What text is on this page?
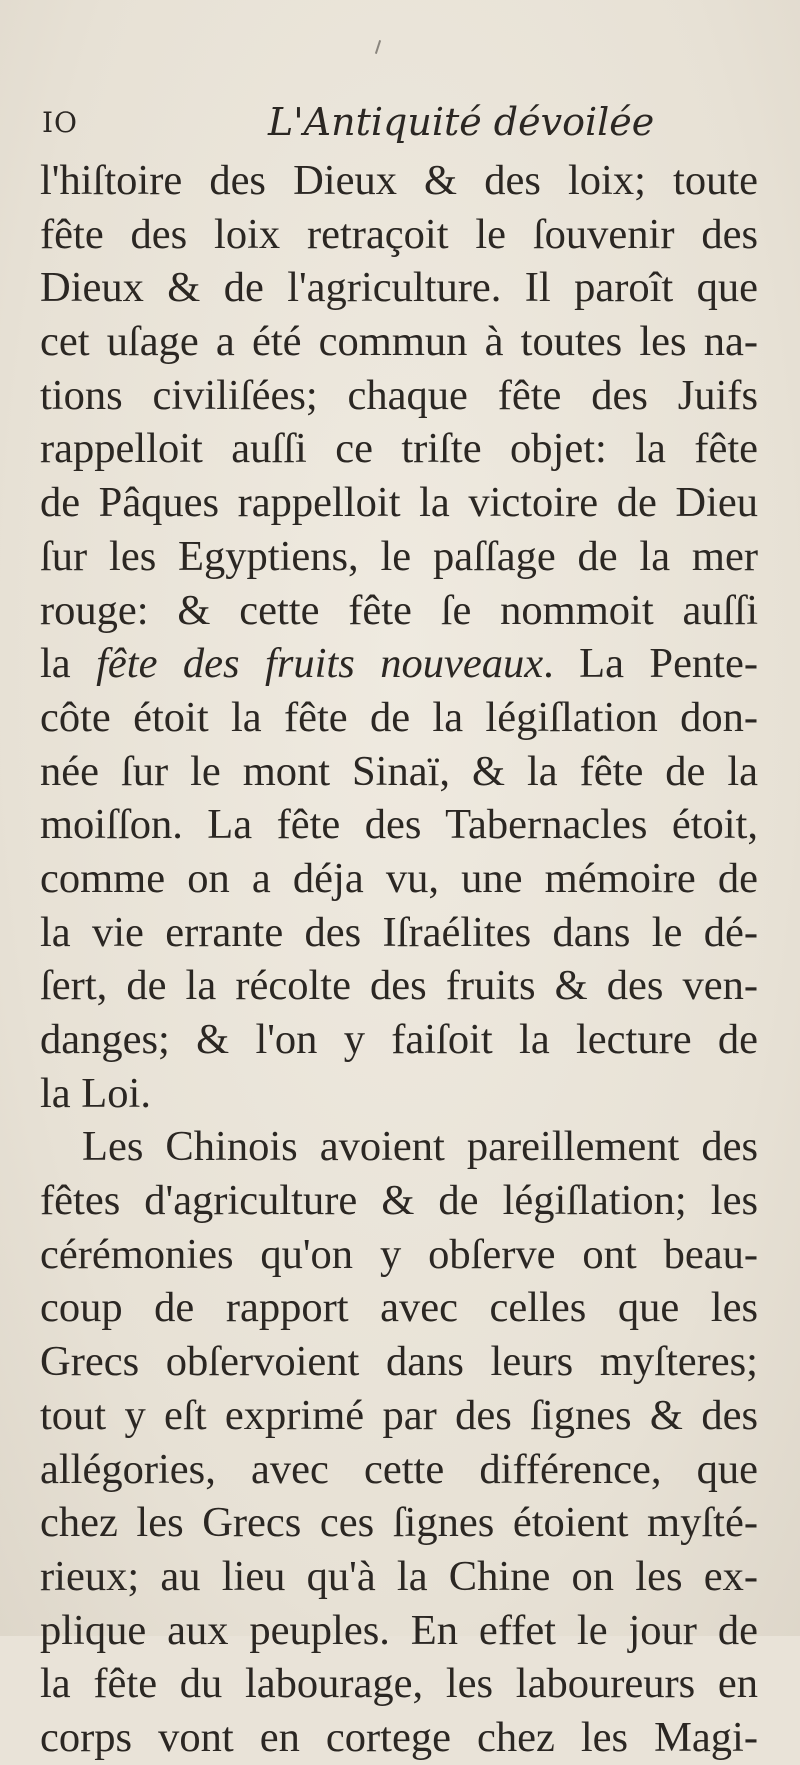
IO	L'Antiquité dévoilée
l'hiſtoire des Dieux & des loix; toute
fête des loix retraçoit le ſouvenir des
Dieux & de l'agriculture. Il paroît que
cet uſage a été commun à toutes les na-
tions civiliſées; chaque fête des Juifs
rappelloit auſſi ce triſte objet: la fête
de Pâques rappelloit la victoire de Dieu
ſur les Egyptiens, le paſſage de la mer
rouge: & cette fête ſe nommoit auſſi
la fête des fruits nouveaux. La Pente-
côte étoit la fête de la légiſlation don-
née ſur le mont Sinaï, & la fête de la
moiſſon. La fête des Tabernacles étoit,
comme on a déja vu, une mémoire de
la vie errante des Iſraélites dans le dé-
ſert, de la récolte des fruits & des ven-
danges; & l'on y faiſoit la lecture de
la Loi.
Les Chinois avoient pareillement des
fêtes d'agriculture & de légiſlation; les
cérémonies qu'on y obſerve ont beau-
coup de rapport avec celles que les
Grecs obſervoient dans leurs myſteres;
tout y eſt exprimé par des ſignes & des
allégories, avec cette différence, que
chez les Grecs ces ſignes étoient myſté-
rieux; au lieu qu'à la Chine on les ex-
plique aux peuples. En effet le jour de
la fête du labourage, les laboureurs en
corps vont en cortege chez les Magi-
